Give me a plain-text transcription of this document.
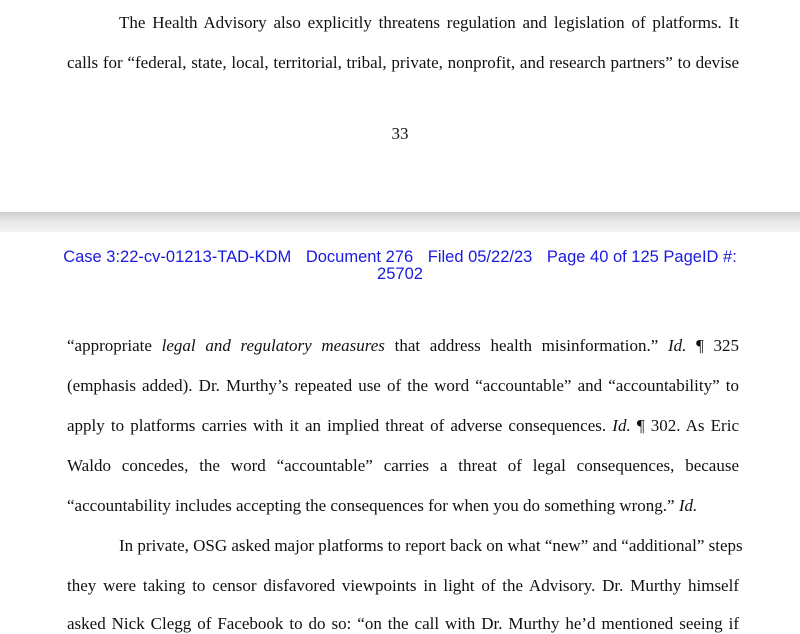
The Health Advisory also explicitly threatens regulation and legislation of platforms. It
calls for “federal, state, local, territorial, tribal, private, nonprofit, and research partners” to devise
33
Case 3:22-cv-01213-TAD-KDM Document 276 Filed 05/22/23 Page 40 of 125 PageID #:
25702
“appropriate legal and regulatory measures that address health misinformation.” Id. ¶ 325
(emphasis added). Dr. Murthy’s repeated use of the word “accountable” and “accountability” to
apply to platforms carries with it an implied threat of adverse consequences. Id. ¶ 302. As Eric
Waldo concedes, the word “accountable” carries a threat of legal consequences, because
“accountability includes accepting the consequences for when you do something wrong.” Id.
In private, OSG asked major platforms to report back on what “new” and “additional” steps
they were taking to censor disfavored viewpoints in light of the Advisory. Dr. Murthy himself
asked Nick Clegg of Facebook to do so: “on the call with Dr. Murthy he’d mentioned seeing if
